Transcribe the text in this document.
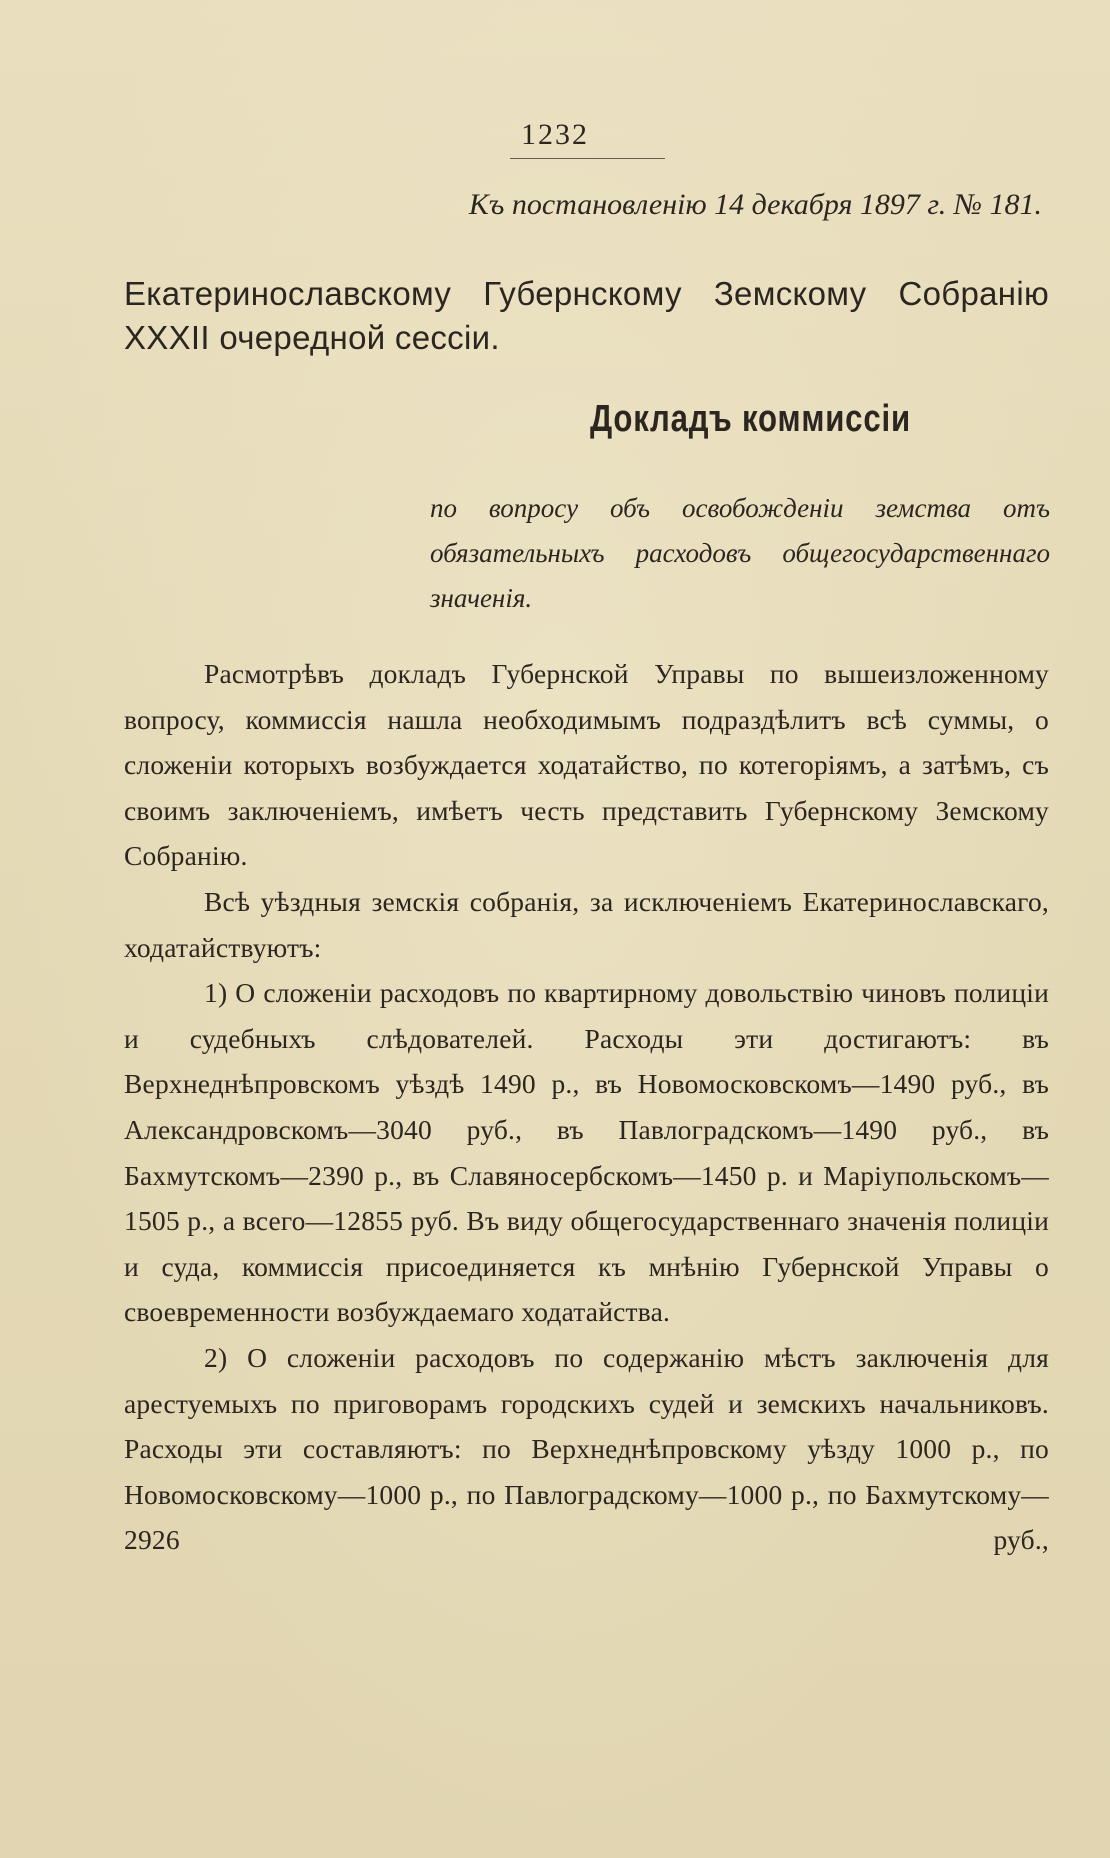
1232
Къ постановленію 14 декабря 1897 г. № 181.
Екатеринославскому Губернскому Земскому Собранію XXXII очередной сессіи.
Докладъ коммиссіи
по вопросу объ освобожденіи земства отъ обязательныхъ расходовъ общегосударственнаго значенія.

Расмотрѣвъ докладъ Губернской Управы по вышеизложенному вопросу, коммиссія нашла необходимымъ подраздѣлитъ всѣ суммы, о сложеніи которыхъ возбуждается ходатайство, по котегоріямъ, а затѣмъ, съ своимъ заключеніемъ, имѣетъ честь представить Губернскому Земскому Собранію.

Всѣ уѣздныя земскія собранія, за исключеніемъ Екатеринославскаго, ходатайствуютъ:

1) О сложеніи расходовъ по квартирному довольствію чиновъ полиціи и судебныхъ слѣдователей. Расходы эти достигаютъ: въ Верхнеднѣпровскомъ уѣздѣ 1490 р., въ Новомосковскомъ—1490 руб., въ Александровскомъ—3040 руб., въ Павлоградскомъ—1490 руб., въ Бахмутскомъ—2390 р., въ Славяносербскомъ—1450 р. и Маріупольскомъ—1505 р., а всего—12855 руб. Въ виду общегосударственнаго значенія полиціи и суда, коммиссія присоединяется къ мнѣнію Губернской Управы о своевременности возбуждаемаго ходатайства.

2) О сложеніи расходовъ по содержанію мѣстъ заключенія для арестуемыхъ по приговорамъ городскихъ судей и земскихъ начальниковъ. Расходы эти составляютъ: по Верхнеднѣпровскому уѣзду 1000 р., по Новомосковскому—1000 р., по Павлоградскому—1000 р., по Бахмутскому—2926 руб.,
